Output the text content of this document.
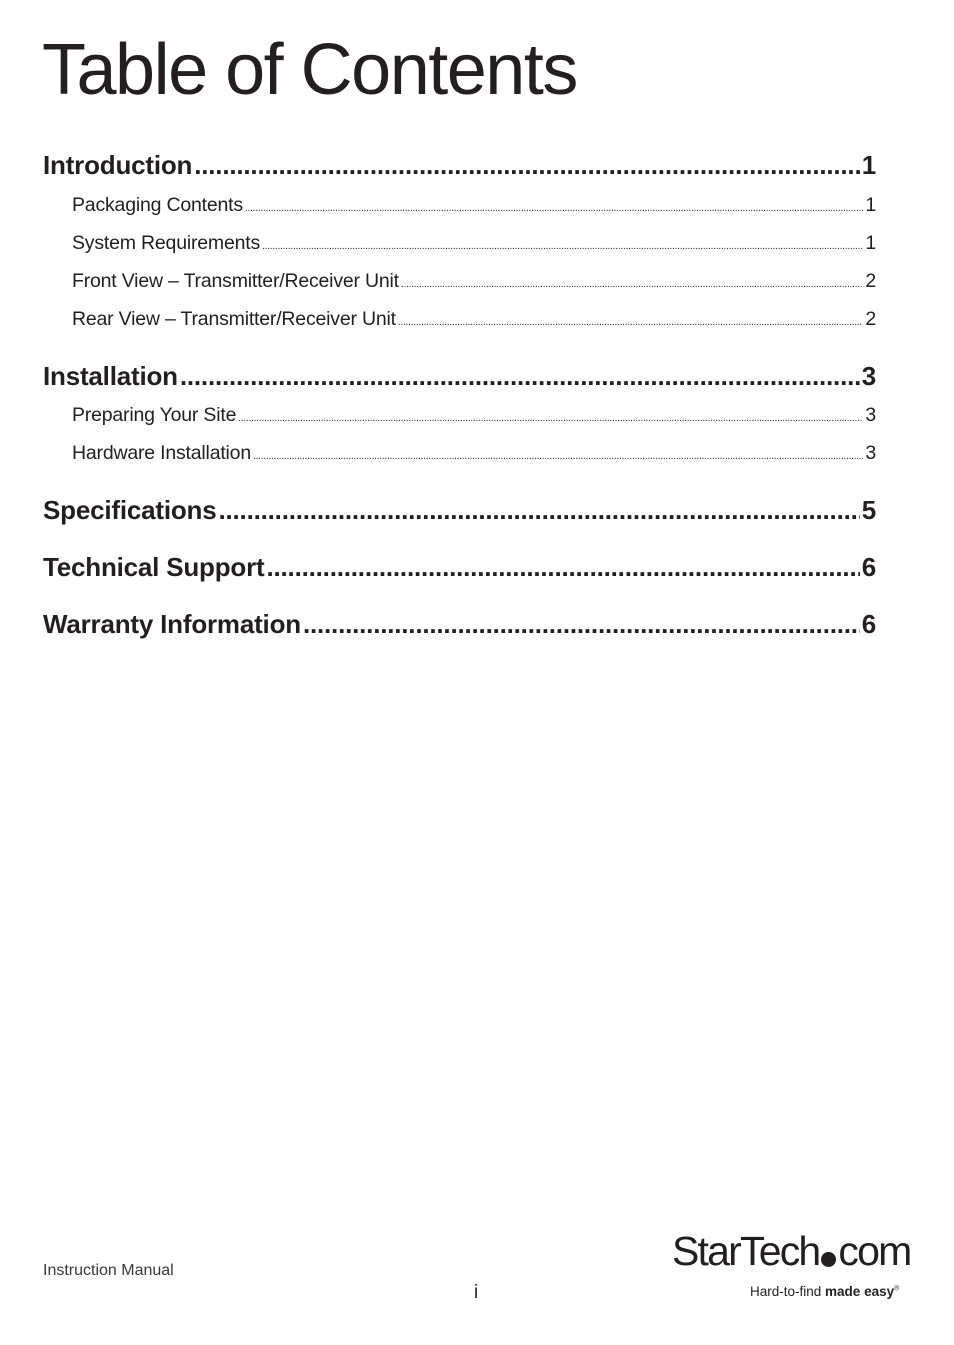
Table of Contents
Introduction .....	1
Packaging Contents .....	1
System Requirements .....	1
Front View – Transmitter/Receiver Unit .....	2
Rear View – Transmitter/Receiver Unit .....	2
Installation .....	3
Preparing Your Site .....	3
Hardware Installation .....	3
Specifications .....	5
Technical Support .....	6
Warranty Information .....	6
Instruction Manual
i
StarTech com
Hard-to-find made easy®
